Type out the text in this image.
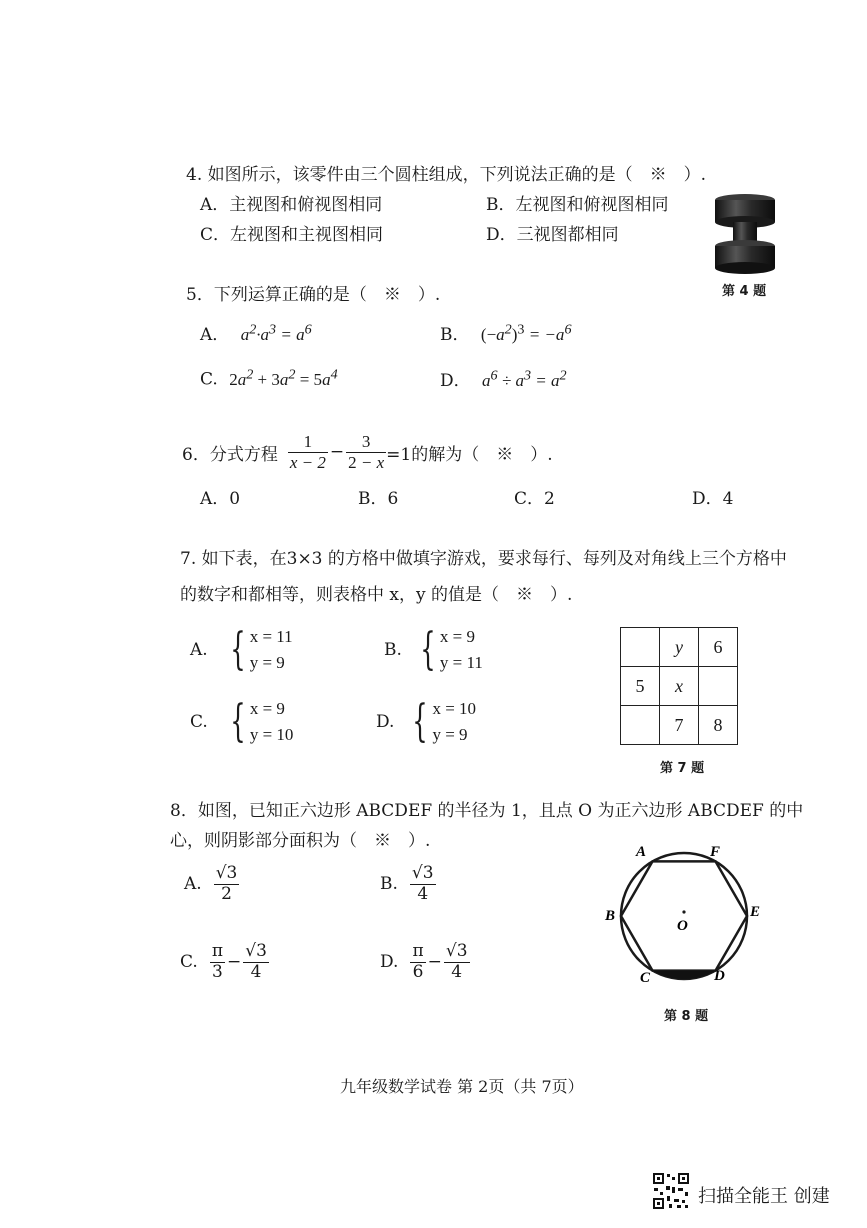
4. 如图所示，该零件由三个圆柱组成，下列说法正确的是（　※　）.
A．主视图和俯视图相同	B．左视图和俯视图相同
C．左视图和主视图相同	D．三视图都相同
第 4 题
5．下列运算正确的是（　※　）.
A． $a^2\cdot a^3 = a^6$	B． $(-a^2)^3 = -a^6$
C. $2a^2 + 3a^2 = 5a^4$	D． $a^6 \div a^3 = a^2$
6．分式方程 $\frac{1}{x - 2} - \frac{3}{2 - x} =1$的解为（　※　）.
A．0	B．6	C．2	D．4
7. 如下表，在3×3 的方格中做填字游戏，要求每行、每列及对角线上三个方格中
的数字和都相等，则表格中 x，y 的值是（　※　）.
A. { x = 11
y = 9
B. { x = 9
y = 11
C. { x = 9
y = 10
D. { x = 10
y = 9
	y	6
5	x	
	7	8
第 7 题
8．如图，已知正六边形 ABCDEF 的半径为 1，且点 O 为正六边形 ABCDEF 的中
心，则阴影部分面积为（　※　）.
A. $\frac{√3}{2}$	B. $\frac{√3}{4}$
C. $\frac{\pi}{3} - \frac{√3}{4}$	D. $\frac{\pi}{6} - \frac{√3}{4}$
A	F
B	E
C	D
O
第 8 题
九年级数学试卷 第 2页（共 7页）
扫描全能王 创建
